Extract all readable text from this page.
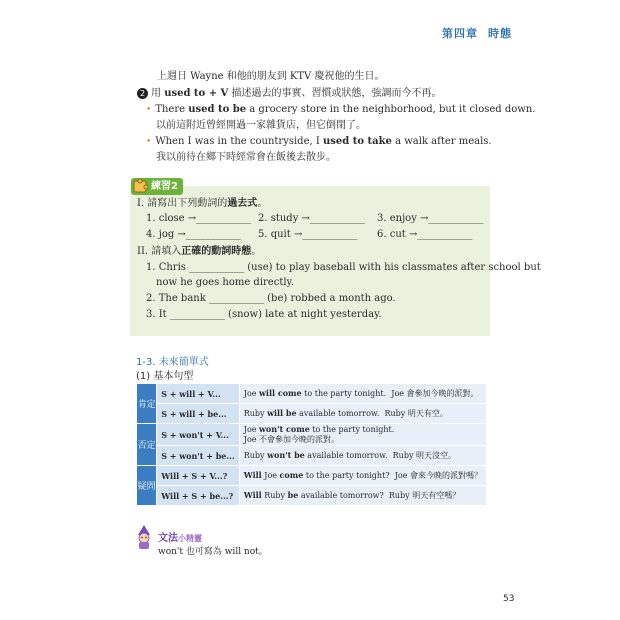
第四章 時態
上週日 Wayne 和他的朋友到 KTV 慶祝他的生日。
2 用 used to + V 描述過去的事實、習慣或狀態，強調而今不再。
• There used to be a grocery store in the neighborhood, but it closed down.
以前這附近曾經開過一家雜貨店，但它倒閉了。
• When I was in the countryside, I used to take a walk after meals.
我以前待在鄉下時經常會在飯後去散步。
練習2
I. 請寫出下列動詞的過去式。
1. close →___________ 2. study →___________ 3. enjoy →___________
4. jog →___________ 5. quit →___________ 6. cut →___________
II. 請填入正確的動詞時態。
1. Chris ___________ (use) to play baseball with his classmates after school but
now he goes home directly.
2. The bank ___________ (be) robbed a month ago.
3. It ___________ (snow) late at night yesterday.
1-3. 未來簡單式
(1) 基本句型
肯定	S + will + V...	Joe will come to the party tonight. Joe 會參加今晚的派對。
	S + will + be...	Ruby will be available tomorrow. Ruby 明天有空。
否定	S + won't + V...	Joe won't come to the party tonight.
Joe 不會參加今晚的派對。
	S + won't + be...	Ruby won't be available tomorrow. Ruby 明天沒空。
疑問	Will + S + V...?	Will Joe come to the party tonight? Joe 會來今晚的派對嗎？
	Will + S + be...?	Will Ruby be available tomorrow? Ruby 明天有空嗎？
文法小精靈
won't 也可寫為 will not。
53
